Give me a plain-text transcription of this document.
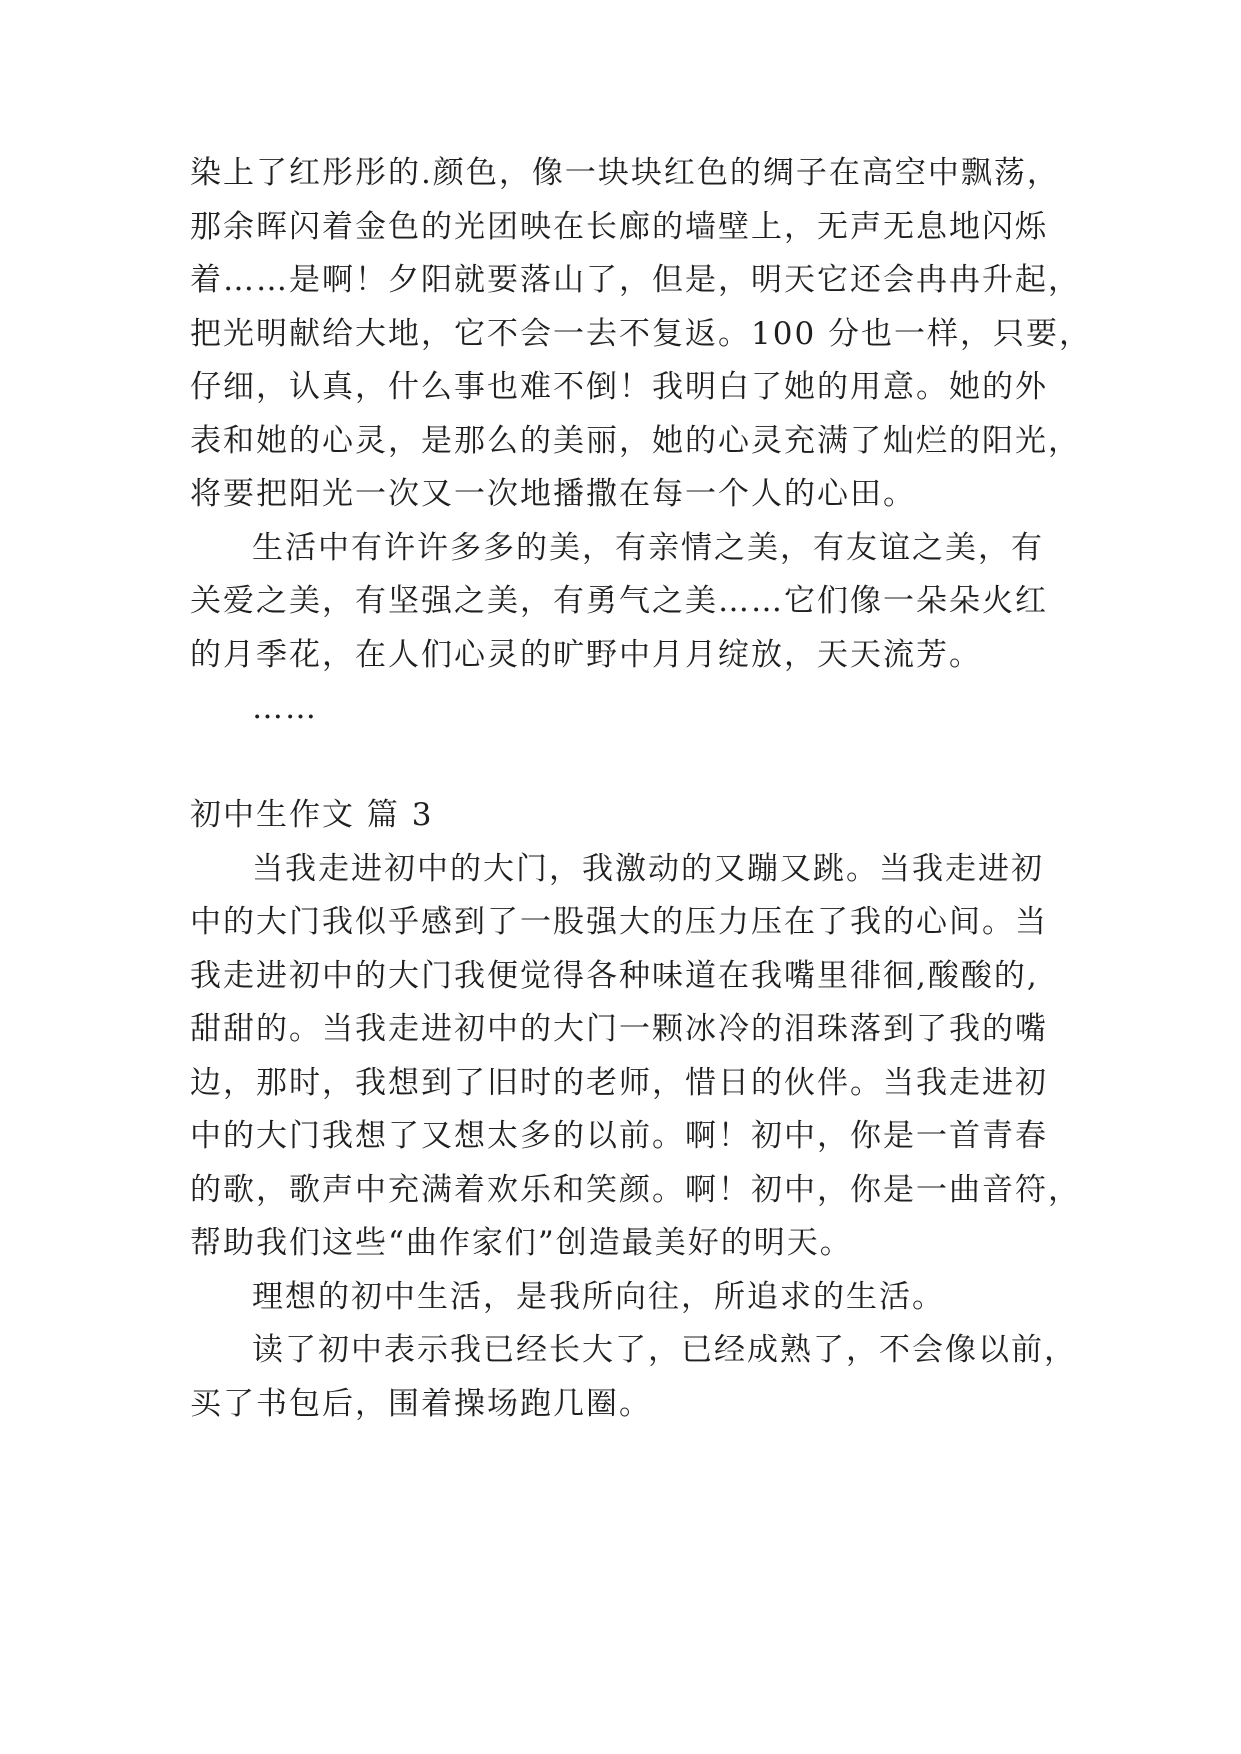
染上了红彤彤的.颜色，像一块块红色的绸子在高空中飘荡，
那余晖闪着金色的光团映在长廊的墙壁上，无声无息地闪烁
着……是啊！夕阳就要落山了，但是，明天它还会冉冉升起，
把光明献给大地，它不会一去不复返。100 分也一样，只要，
仔细，认真，什么事也难不倒！我明白了她的用意。她的外
表和她的心灵，是那么的美丽，她的心灵充满了灿烂的阳光，
将要把阳光一次又一次地播撒在每一个人的心田。
生活中有许许多多的美，有亲情之美，有友谊之美，有
关爱之美，有坚强之美，有勇气之美……它们像一朵朵火红
的月季花，在人们心灵的旷野中月月绽放，天天流芳。
……
初中生作文 篇 3
当我走进初中的大门，我激动的又蹦又跳。当我走进初
中的大门我似乎感到了一股强大的压力压在了我的心间。当
我走进初中的大门我便觉得各种味道在我嘴里徘徊,酸酸的,
甜甜的。当我走进初中的大门一颗冰冷的泪珠落到了我的嘴
边，那时，我想到了旧时的老师，惜日的伙伴。当我走进初
中的大门我想了又想太多的以前。啊！初中，你是一首青春
的歌，歌声中充满着欢乐和笑颜。啊！初中，你是一曲音符，
帮助我们这些“曲作家们”创造最美好的明天。
理想的初中生活，是我所向往，所追求的生活。
读了初中表示我已经长大了，已经成熟了，不会像以前，
买了书包后，围着操场跑几圈。
